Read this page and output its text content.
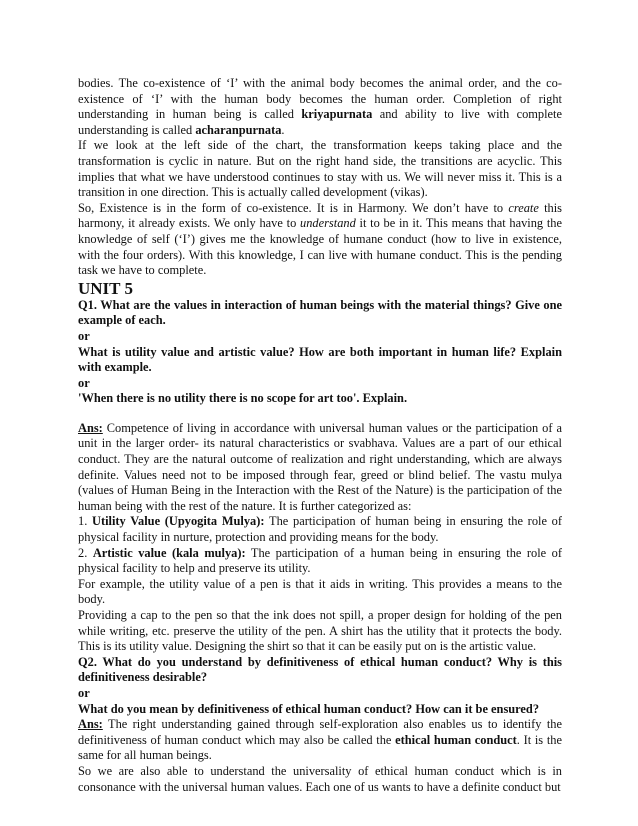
bodies. The co-existence of ‘I’ with the animal body becomes the animal order, and the co-existence of ‘I’ with the human body becomes the human order. Completion of right understanding in human being is called kriyapurnata and ability to live with complete understanding is called acharanpurnata.

If we look at the left side of the chart, the transformation keeps taking place and the transformation is cyclic in nature. But on the right hand side, the transitions are acyclic. This implies that what we have understood continues to stay with us. We will never miss it. This is a transition in one direction. This is actually called development (vikas).

So, Existence is in the form of co-existence. It is in Harmony. We don’t have to create this harmony, it already exists. We only have to understand it to be in it. This means that having the knowledge of self (‘I’) gives me the knowledge of humane conduct (how to live in existence, with the four orders). With this knowledge, I can live with humane conduct. This is the pending task we have to complete.

UNIT 5

Q1. What are the values in interaction of human beings with the material things? Give one example of each.

or

What is utility value and artistic value? How are both important in human life? Explain with example.

or

'When there is no utility there is no scope for art too'. Explain.

Ans: Competence of living in accordance with universal human values or the participation of a unit in the larger order- its natural characteristics or svabhava. Values are a part of our ethical conduct. They are the natural outcome of realization and right understanding, which are always definite. Values need not to be imposed through fear, greed or blind belief. The vastu mulya (values of Human Being in the Interaction with the Rest of the Nature) is the participation of the human being with the rest of the nature. It is further categorized as:

1. Utility Value (Upyogita Mulya): The participation of human being in ensuring the role of physical facility in nurture, protection and providing means for the body.

2. Artistic value (kala mulya): The participation of a human being in ensuring the role of physical facility to help and preserve its utility.

For example, the utility value of a pen is that it aids in writing. This provides a means to the body.

Providing a cap to the pen so that the ink does not spill, a proper design for holding of the pen while writing, etc. preserve the utility of the pen. A shirt has the utility that it protects the body. This is its utility value. Designing the shirt so that it can be easily put on is the artistic value.

Q2. What do you understand by definitiveness of ethical human conduct? Why is this definitiveness desirable?

or

What do you mean by definitiveness of ethical human conduct? How can it be ensured?

Ans: The right understanding gained through self-exploration also enables us to identify the definitiveness of human conduct which may also be called the ethical human conduct. It is the same for all human beings.

So we are also able to understand the universality of ethical human conduct which is in consonance with the universal human values. Each one of us wants to have a definite conduct but
